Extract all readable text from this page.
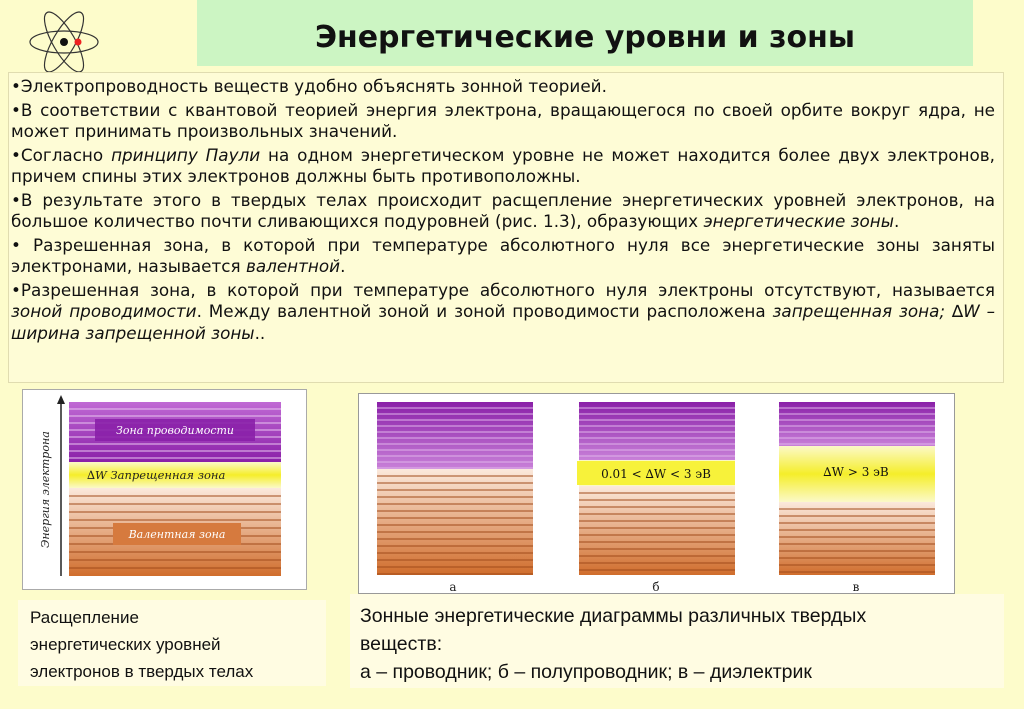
Энергетические уровни и зоны

•Электропроводность веществ удобно объяснять зонной теорией.

•В соответствии с квантовой теорией энергия электрона, вращающегося по своей орбите вокруг ядра, не может принимать произвольных значений.

•Согласно принципу Паули на одном энергетическом уровне не может находится более двух электронов, причем спины этих электронов должны быть противоположны.

•В результате этого в твердых телах происходит расщепление энергетических уровней электронов, на большое количество почти сливающихся подуровней (рис. 1.3), образующих энергетические зоны.

• Разрешенная зона, в которой при температуре абсолютного нуля все энергетические зоны заняты электронами, называется валентной.

•Разрешенная зона, в которой при температуре абсолютного нуля электроны отсутствуют, называется зоной проводимости. Между валентной зоной и зоной проводимости расположена запрещенная зона; ∆W – ширина запрещенной зоны..

Энергия электрона
Зона проводимости
∆W Запрещенная зона
Валентная зона
0.01 < ∆W < 3 эВ	∆W > 3 эВ
а	б	в
Расщепление
энергетических уровней
электронов в твердых телах
Зонные энергетические диаграммы различных твердых
веществ:
а – проводник; б – полупроводник; в – диэлектрик
